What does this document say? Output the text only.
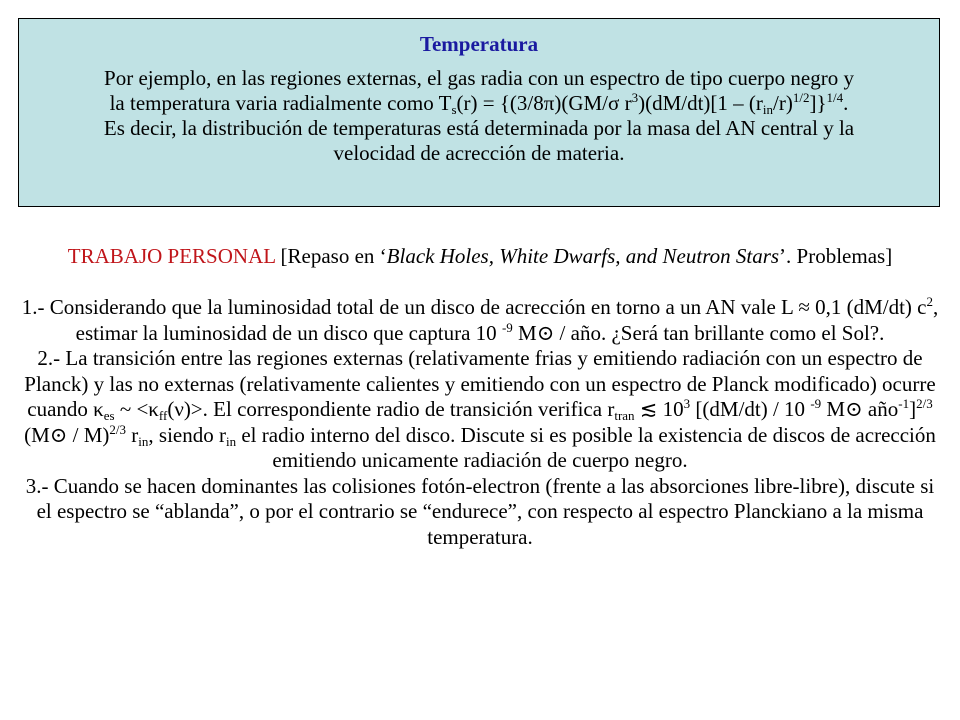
Temperatura

Por ejemplo, en las regiones externas, el gas radia con un espectro de tipo cuerpo negro y
la temperatura varia radialmente como $T_s(r) = \{(3/8\pi)(GM/\sigma$ $r^3)(dM/dt)[1 - (r_{in}/r)^{1/2}]\}^{1/4}$.
Es decir, la distribución de temperaturas está determinada por la masa del AN central y la
velocidad de acrección de materia.

TRABAJO PERSONAL [Repaso en ‘Black Holes, White Dwarfs, and Neutron Stars’. Problemas]

1.- Considerando que la luminosidad total de un disco de acrección en torno a un AN vale L ≈ 0,1 (dM/dt) $c^2$, estimar la luminosidad de un disco que captura 10 $^{-9}$ M⊙ / año. ¿Será tan brillante como el Sol?.

2.- La transición entre las regiones externas (relativamente frias y emitiendo radiación con un espectro de Planck) y las no externas (relativamente calientes y emitiendo con un espectro de Planck modificado) ocurre cuando $\kappa_{es}$ ~ $<\kappa_{ff}(\nu)>$. El correspondiente radio de transición verifica $r_{tran}$ ≲ $10^3$ [(dM/dt) / 10 $^{-9}$ M⊙ año$^{-1}$]$^{2/3}$ (M⊙ / M)$^{2/3}$ $r_{in}$, siendo $r_{in}$ el radio interno del disco. Discute si es posible la existencia de discos de acrección emitiendo unicamente radiación de cuerpo negro.

3.- Cuando se hacen dominantes las colisiones fotón-electron (frente a las absorciones libre-libre), discute si el espectro se “ablanda”, o por el contrario se “endurece”, con respecto al espectro Planckiano a la misma temperatura.
